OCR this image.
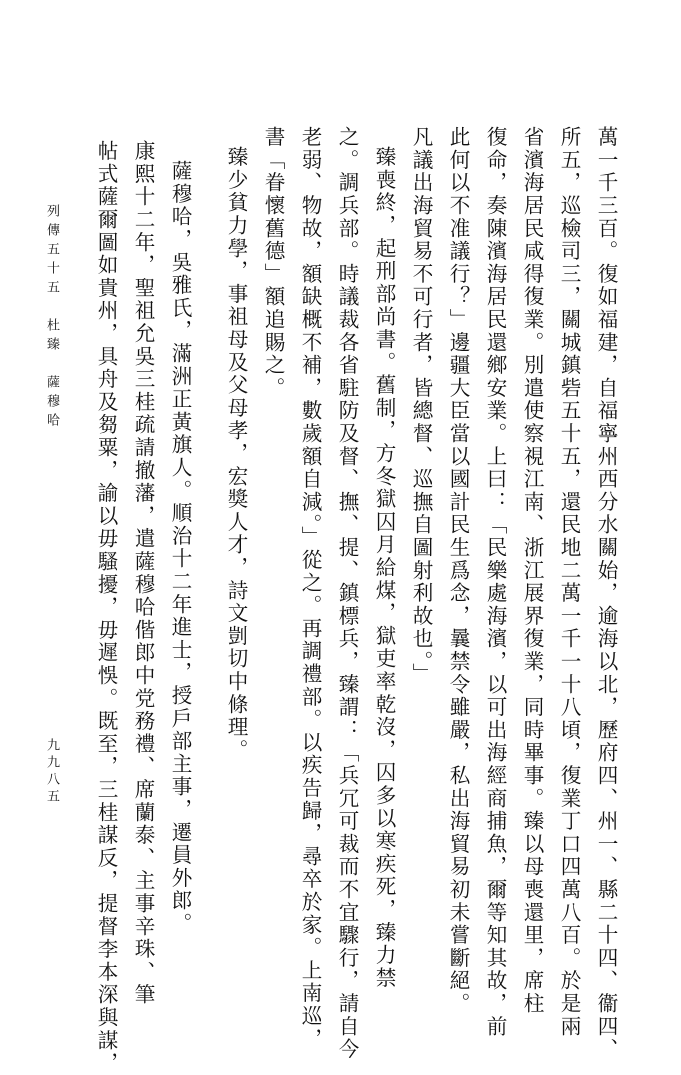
萬一千三百。復如福建，自福寧州西分水關始，逾海以北，歷府四、州一、縣二十四、衞四、
所五，巡檢司三，關城鎮砦五十五，還民地二萬一千一十八頃，復業丁口四萬八百。於是兩
省濱海居民咸得復業。別遣使察視江南、浙江展界復業，同時畢事。臻以母喪還里，席柱
復命，奏陳濱海居民還鄉安業。上曰：「民樂處海濱，以可出海經商捕魚，爾等知其故，前
此何以不准議行？」邊疆大臣當以國計民生爲念，曩禁令雖嚴，私出海貿易初未嘗斷絕。
凡議出海貿易不可行者，皆總督、巡撫自圖射利故也。」
臻喪終，起刑部尚書。舊制，方冬獄囚月給煤，獄吏率乾沒，囚多以寒疾死，臻力禁
之。調兵部。時議裁各省駐防及督、撫、提、鎮標兵，臻謂：「兵冗可裁而不宜驟行，請自今
老弱、物故，額缺概不補，數歲額自減。」從之。再調禮部。以疾告歸，尋卒於家。上南巡，
書「眷懷舊德」額追賜之。
臻少貧力學，事祖母及父母孝，宏獎人才，詩文剴切中條理。
薩穆哈，吳雅氏，滿洲正黃旗人。順治十二年進士，授戶部主事，遷員外郎。
康熙十二年，聖祖允吳三桂疏請撤藩，遣薩穆哈偕郎中党務禮、席蘭泰、主事辛珠、筆
帖式薩爾圖如貴州，具舟及芻粟，諭以毋騷擾，毋遲悞。既至，三桂謀反，提督李本深與謀，
列傳五十五　杜臻　薩穆哈
九九八五
